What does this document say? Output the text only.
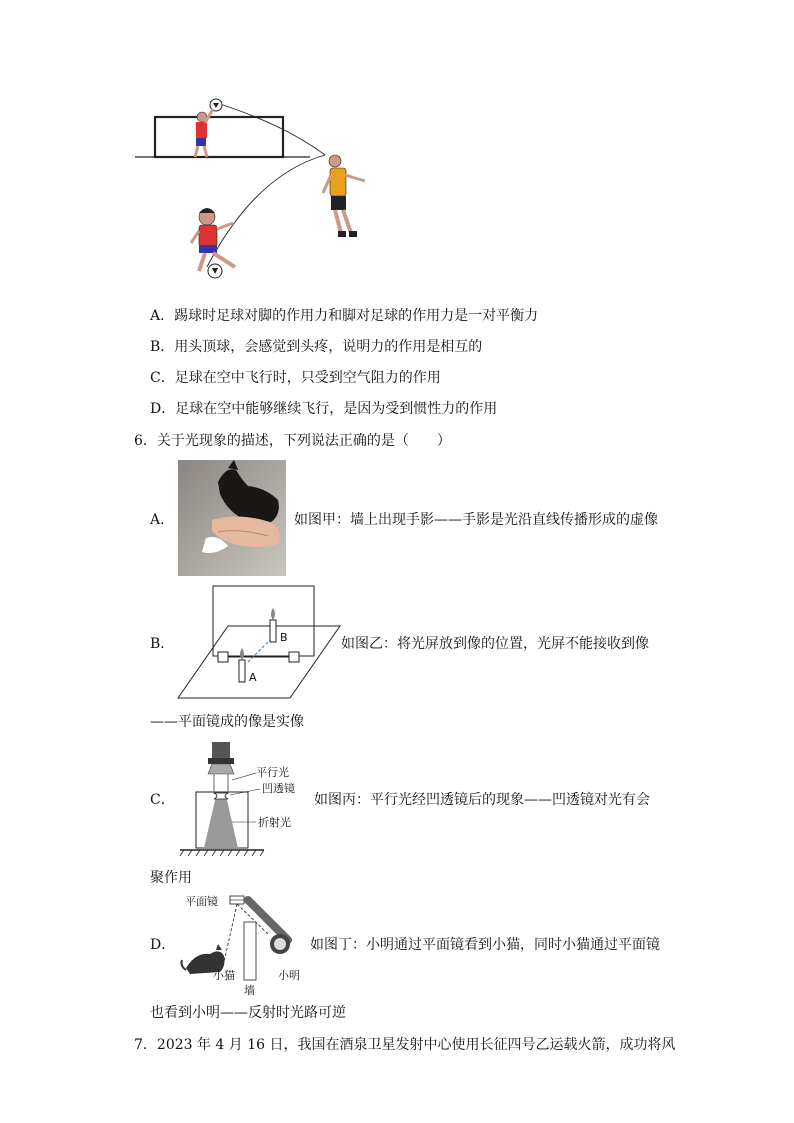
A．踢球时足球对脚的作用力和脚对足球的作用力是一对平衡力
B．用头顶球，会感觉到头疼，说明力的作用是相互的
C．足球在空中飞行时，只受到空气阻力的作用
D．足球在空中能够继续飞行，是因为受到惯性力的作用
6．关于光现象的描述，下列说法正确的是（　　）
A．	如图甲：墙上出现手影——手影是光沿直线传播形成的虚像
B．	B
A
如图乙：将光屏放到像的位置，光屏不能接收到像
——平面镜成的像是实像
C．
平行光
凹透镜
折射光
如图丙：平行光经凹透镜后的现象——凹透镜对光有会
聚作用
D．
平面镜
小猫
墙
小明
如图丁：小明通过平面镜看到小猫，同时小猫通过平面镜
也看到小明——反射时光路可逆
7．2023 年 4 月 16 日，我国在酒泉卫星发射中心使用长征四号乙运载火箭，成功将风
